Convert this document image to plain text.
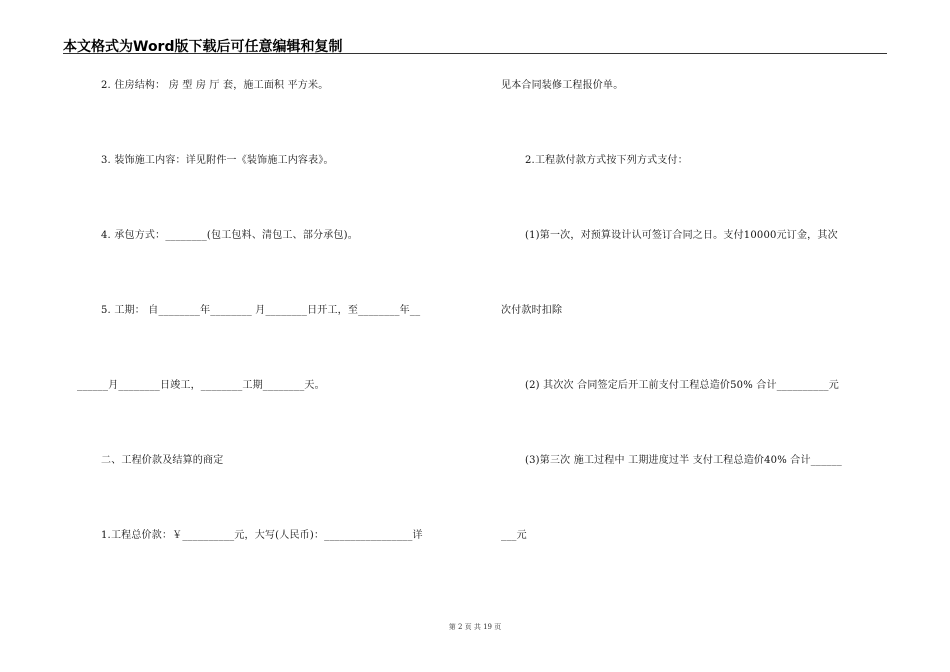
本文格式为Word版下载后可任意编辑和复制
2. 住房结构： 房 型 房 厅 套，施工面积 平方米。
3. 装饰施工内容：详见附件一《装饰施工内容表》。
4. 承包方式：________(包工包料、清包工、部分承包)。
5. 工期： 自________年________ 月________日开工，至________年__
______月________日竣工，________工期________天。
二、工程价款及结算的商定
1.工程总价款：￥__________元，大写(人民币)：_________________详
见本合同装修工程报价单。
2.工程款付款方式按下列方式支付：
(1)第一次，对预算设计认可签订合同之日。支付10000元订金，其次
次付款时扣除
(2) 其次次 合同签定后开工前支付工程总造价50% 合计__________元
(3)第三次 施工过程中 工期进度过半 支付工程总造价40% 合计______
___元
第 2 页 共 19 页
